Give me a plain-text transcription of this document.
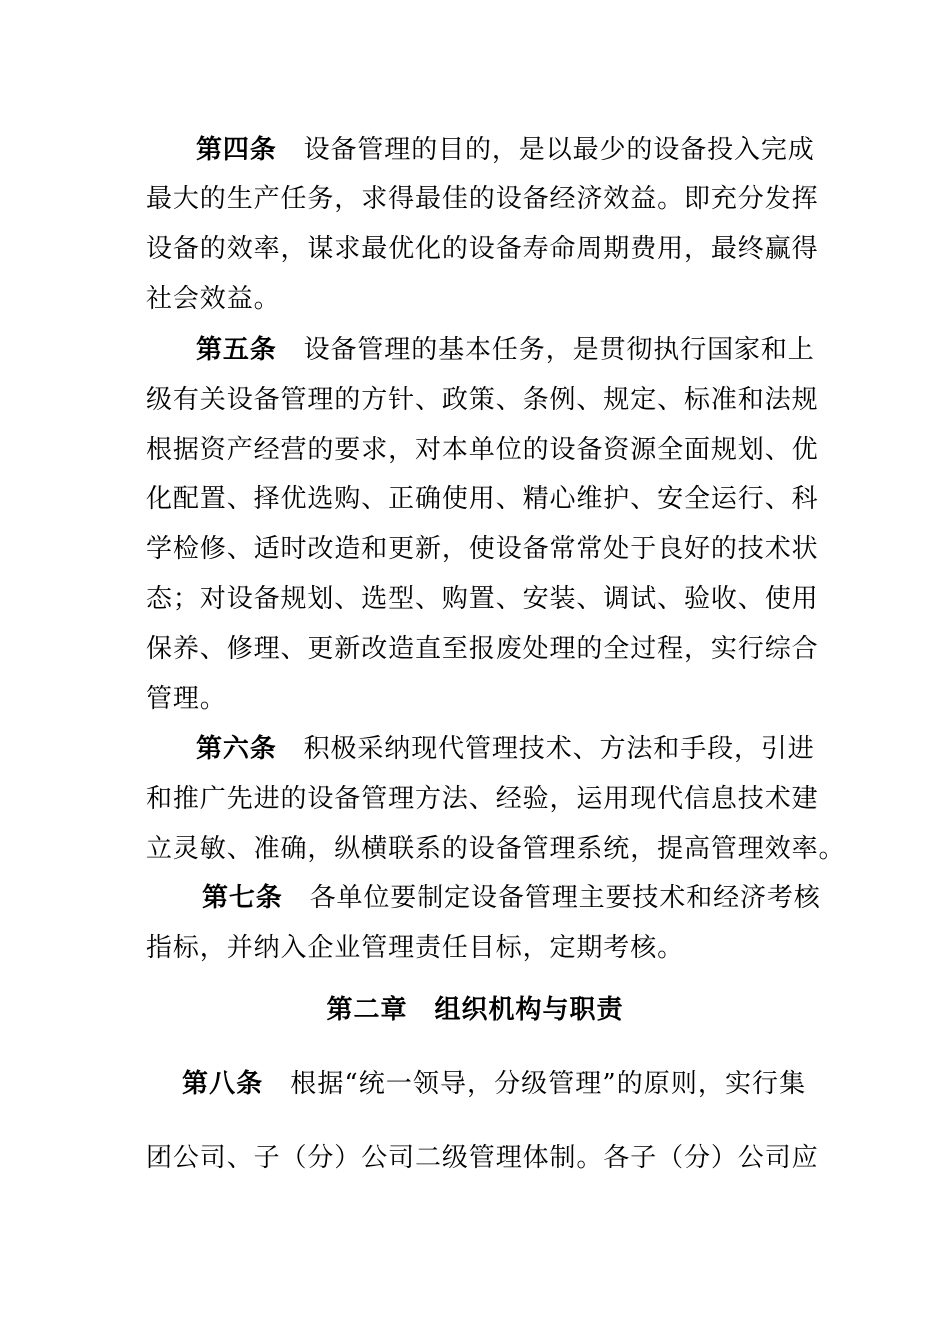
第四条　 设备管理的目的，是以最少的设备投入完成
最大的生产任务，求得最佳的设备经济效益。即充分发挥
设备的效率，谋求最优化的设备寿命周期费用，最终赢得
社会效益。
第五条　 设备管理的基本任务，是贯彻执行国家和上
级有关设备管理的方针、政策、条例、规定、标准和法规
根据资产经营的要求，对本单位的设备资源全面规划、优
化配置、择优选购、正确使用、精心维护、安全运行、科
学检修、适时改造和更新，使设备常常处于良好的技术状
态；对设备规划、选型、购置、安装、调试、验收、使用
保养、修理、更新改造直至报废处理的全过程，实行综合
管理。
第六条　 积极采纳现代管理技术、方法和手段，引进
和推广先进的设备管理方法、经验，运用现代信息技术建
立灵敏、准确，纵横联系的设备管理系统，提高管理效率。
第七条　 各单位要制定设备管理主要技术和经济考核
指标，并纳入企业管理责任目标，定期考核。
第二章　组织机构与职责
第八条　 根据“统一领导，分级管理”的原则，实行集
团公司、子（分）公司二级管理体制。各子（分）公司应
